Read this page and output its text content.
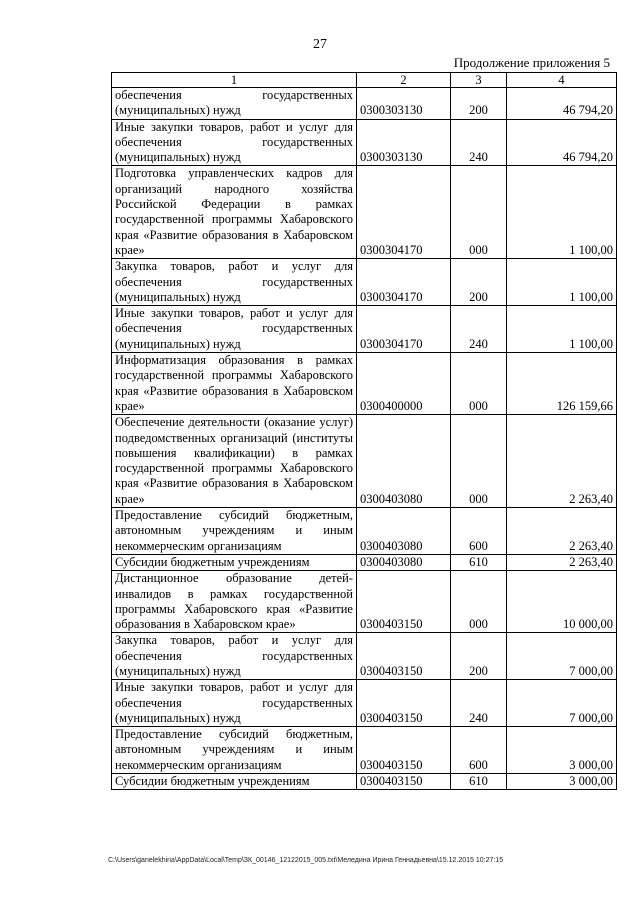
27
Продолжение приложения 5
1	2	3	4
обеспечения государственных (муниципальных) нужд	0300303130	200	46 794,20
Иные закупки товаров, работ и услуг для обеспечения государственных (муниципальных) нужд	0300303130	240	46 794,20
Подготовка управленческих кадров для организаций народного хозяйства Российской Федерации в рамках государственной программы Хабаровского края «Развитие образования в Хабаровском крае»	0300304170	000	1 100,00
Закупка товаров, работ и услуг для обеспечения государственных (муниципальных) нужд	0300304170	200	1 100,00
Иные закупки товаров, работ и услуг для обеспечения государственных (муниципальных) нужд	0300304170	240	1 100,00
Информатизация образования в рамках государственной программы Хабаровского края «Развитие образования в Хабаровском крае»	0300400000	000	126 159,66
Обеспечение деятельности (оказание услуг) подведомственных организаций (институты повышения квалификации) в рамках государственной программы Хабаровского края «Развитие образования в Хабаровском крае»	0300403080	000	2 263,40
Предоставление субсидий бюджетным, автономным учреждениям и иным некоммерческим организациям	0300403080	600	2 263,40
Субсидии бюджетным учреждениям	0300403080	610	2 263,40
Дистанционное образование детей-инвалидов в рамках государственной программы Хабаровского края «Развитие образования в Хабаровском крае»	0300403150	000	10 000,00
Закупка товаров, работ и услуг для обеспечения государственных (муниципальных) нужд	0300403150	200	7 000,00
Иные закупки товаров, работ и услуг для обеспечения государственных (муниципальных) нужд	0300403150	240	7 000,00
Предоставление субсидий бюджетным, автономным учреждениям и иным некоммерческим организациям	0300403150	600	3 000,00
Субсидии бюджетным учреждениям	0300403150	610	3 000,00
C:\Users\ganelekhina\AppData\Local\Temp\ЗК_00146_12122015_005.txt\Меледина Ирина Геннадьевна\15.12.2015 10:27:15
